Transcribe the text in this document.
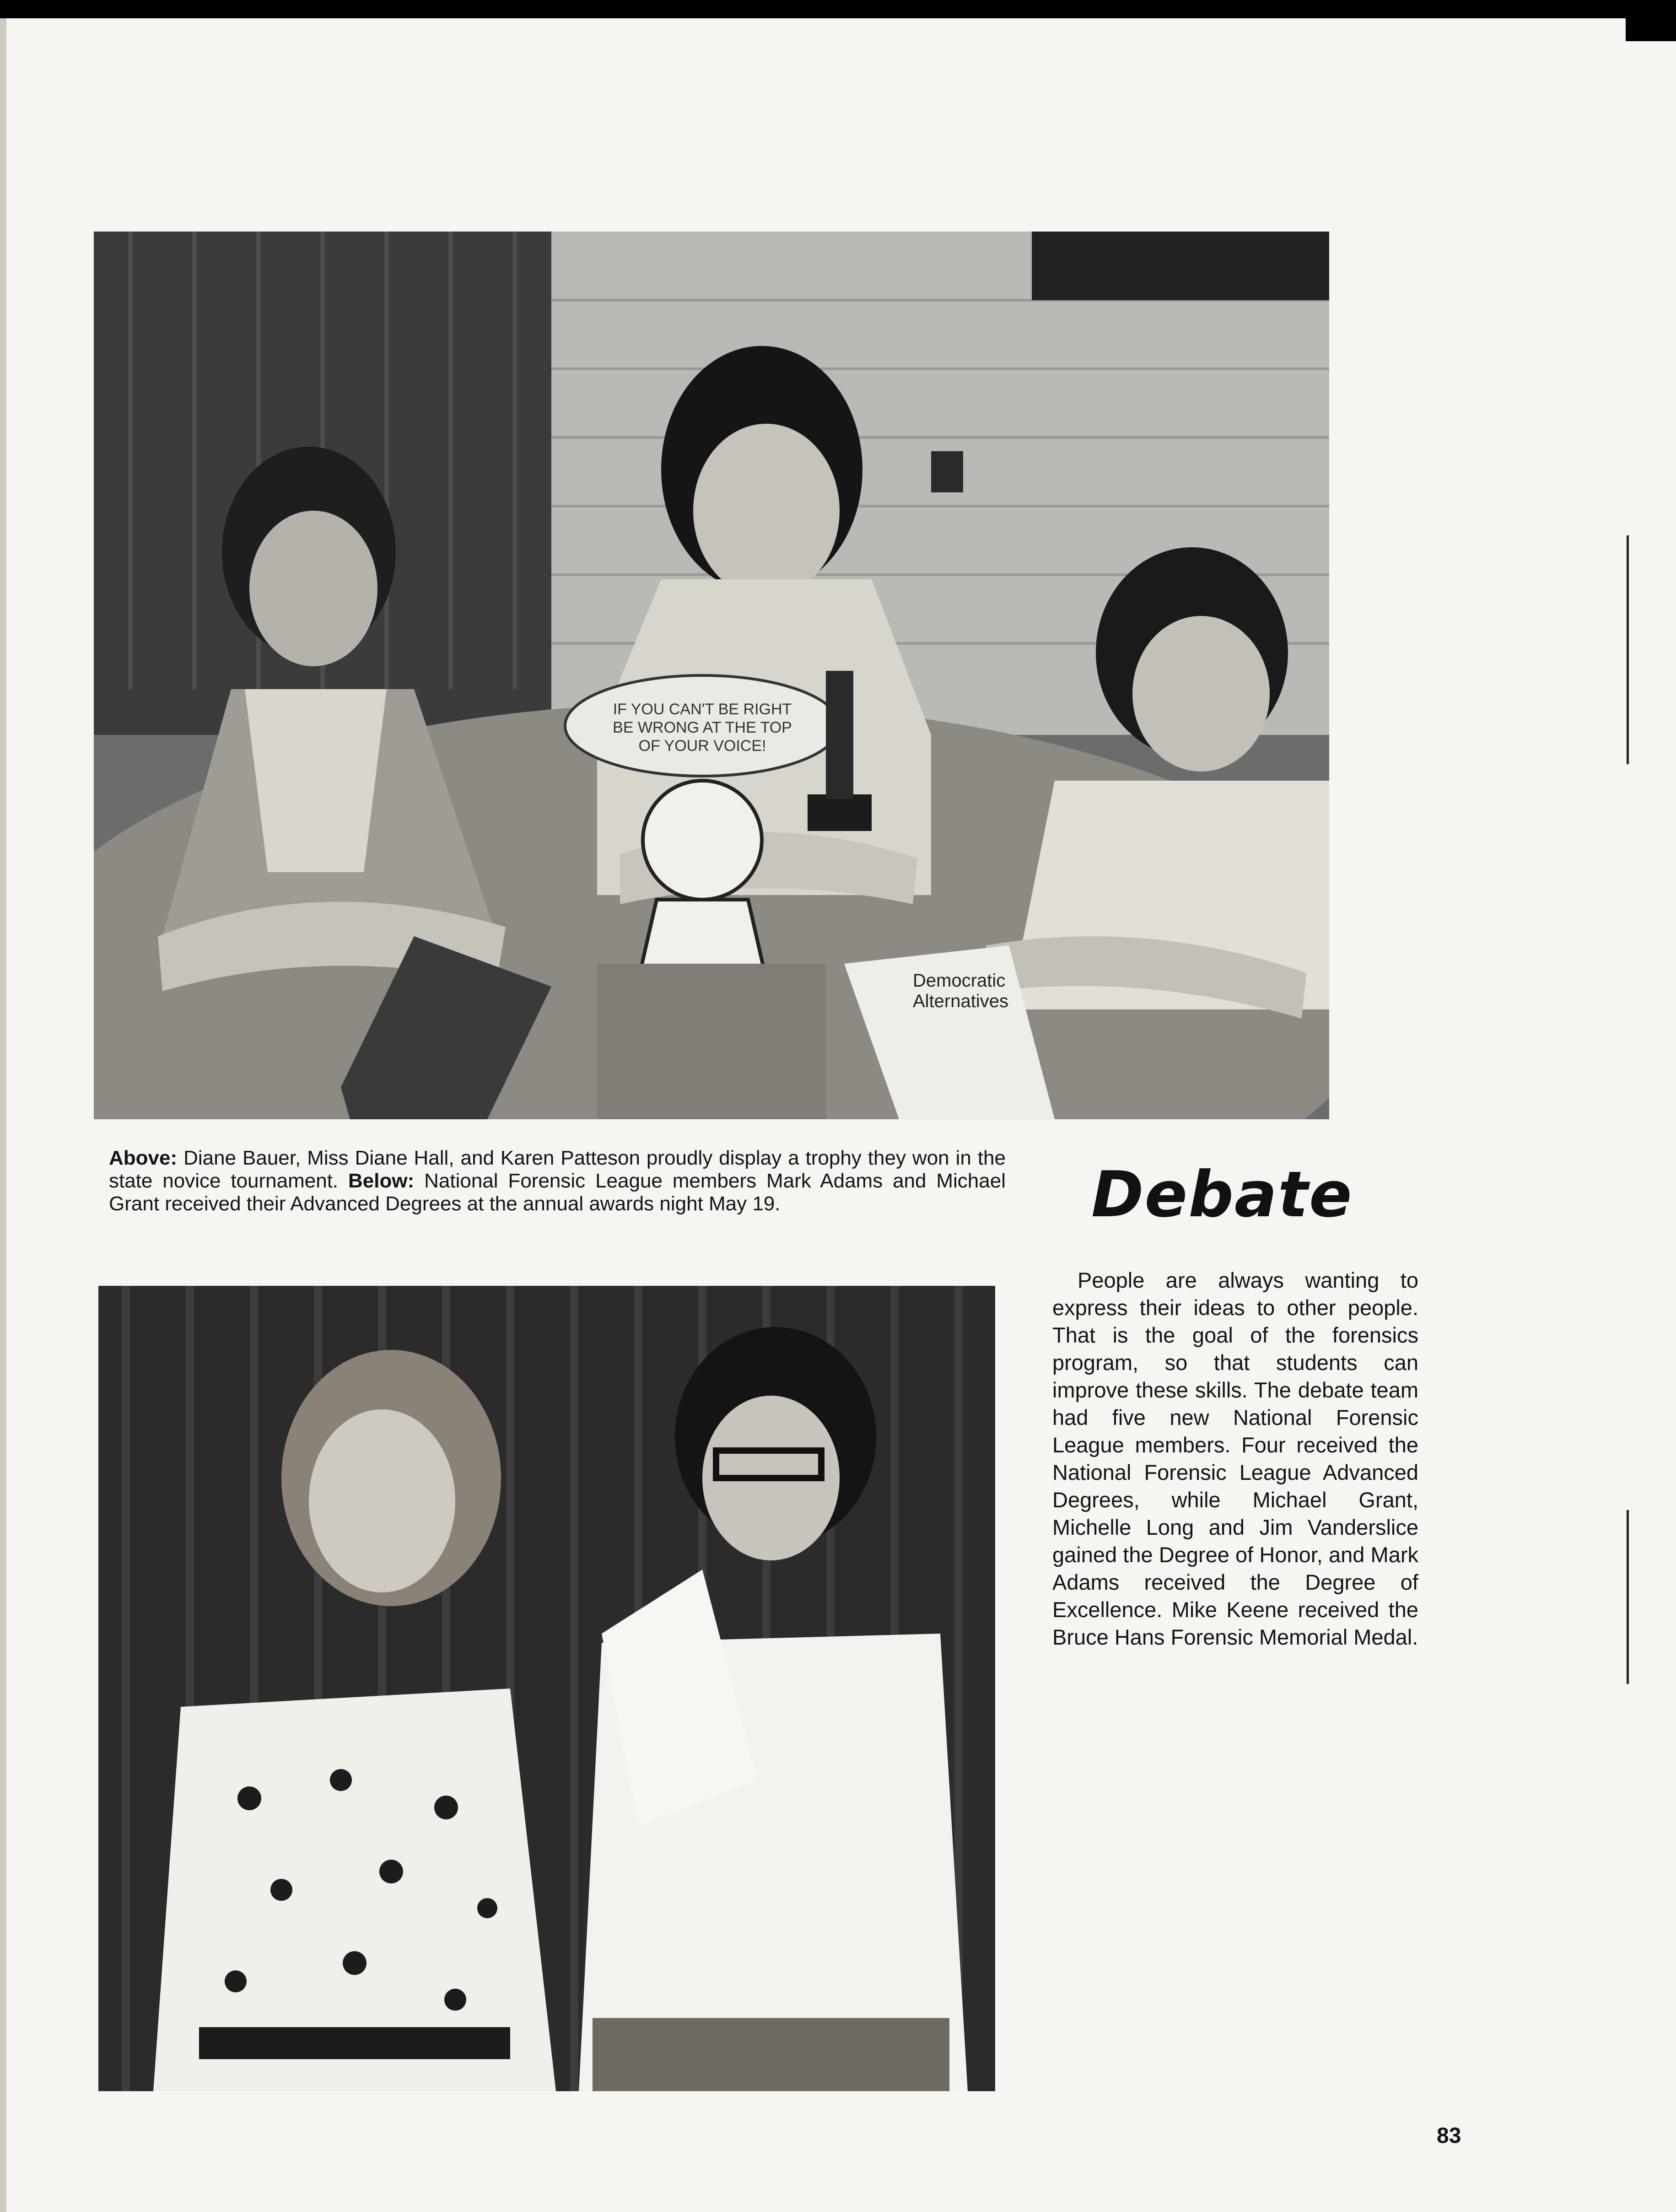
IF YOU CAN'T BE RIGHT
BE WRONG AT THE TOP
OF YOUR VOICE!
Democratic
Alternatives
Above: Diane Bauer, Miss Diane Hall, and Karen Patteson proudly display a trophy they won in the state novice tournament. Below: National Forensic League members Mark Adams and Michael Grant received their Advanced Degrees at the annual awards night May 19.	Debate
People are always wanting to express their ideas to other people. That is the goal of the forensics program, so that students can improve these skills. The debate team had five new National Forensic League members. Four received the National Forensic League Advanced Degrees, while Michael Grant, Michelle Long and Jim Vanderslice gained the Degree of Honor, and Mark Adams received the Degree of Excellence. Mike Keene received the Bruce Hans Forensic Memorial Medal.
83
